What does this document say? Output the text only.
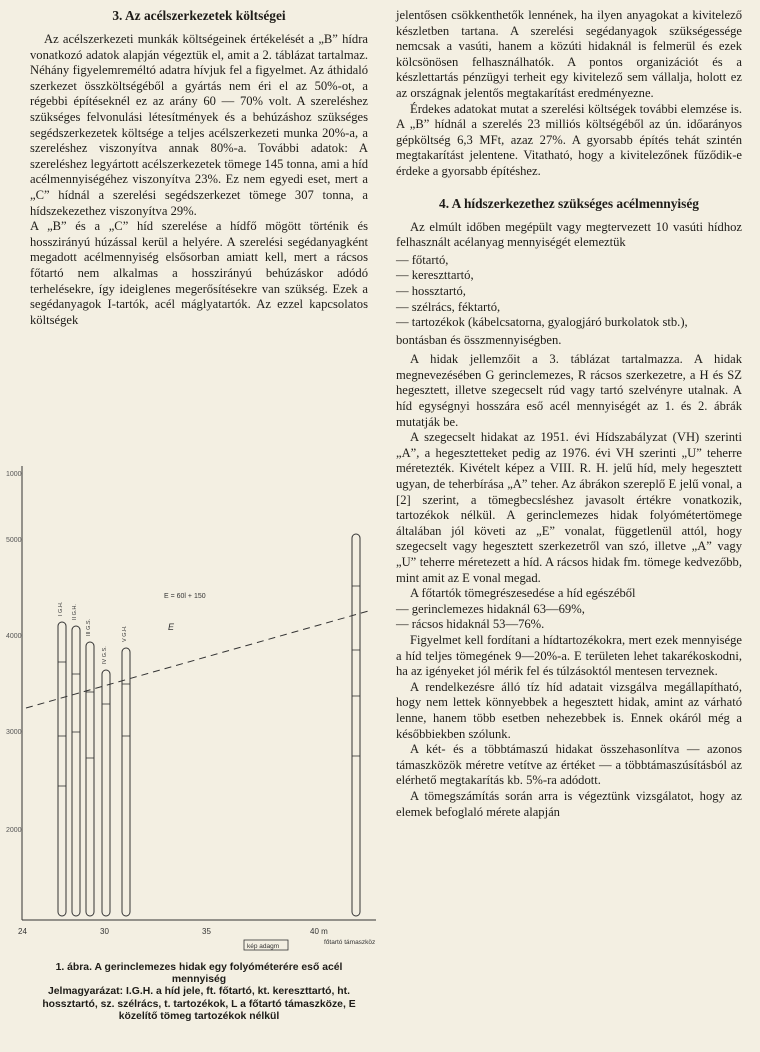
3. Az acélszerkezetek költségei

Az acélszerkezeti munkák költségeinek értékelését a „B” hídra vonatkozó adatok alapján végeztük el, amit a 2. táblázat tartalmaz. Néhány figyelemreméltó adatra hívjuk fel a figyelmet. Az áthidaló szerkezet összköltségéből a gyártás nem éri el az 50%-ot, a régebbi építéseknél ez az arány 60 — 70% volt. A szereléshez szükséges felvonulási létesítmények és a behúzáshoz szükséges segédszerkezetek költsége a teljes acélszerkezeti munka 20%-a, a szereléshez viszonyítva annak 80%-a. További adatok: A szereléshez legyártott acélszerkezetek tömege 145 tonna, ami a híd acélmennyiségéhez viszonyítva 23%. Ez nem egyedi eset, mert a „C” hídnál a szerelési segédszerkezet tömege 307 tonna, a hídszekezethez viszonyítva 29%.

A „B” és a „C” híd szerelése a hídfő mögött történik és hosszirányú húzással kerül a helyére. A szerelési segédanyagként megadott acélmennyiség elsősorban amiatt kell, mert a rácsos főtartó nem alkalmas a hosszirányú behúzáskor adódó terhelésekre, így ideiglenes megerősítésekre van szükség. Ezek a segédanyagok I-tartók, acél máglyatartók. Az ezzel kapcsolatos költségek

5000
4000
3000
2000
1000
24	30	35	40 m
főtartó támaszköz
kép adagm
E
E = 60l + 150
I G.H. II G.H.
III G.S.
IV G.S.
V G.H.
1. ábra. A gerinclemezes hidak egy folyóméterére eső acél mennyiség
Jelmagyarázat: I.G.H. a híd jele, ft. főtartó, kt. kereszttartó, ht. hossztartó, sz. szélrács, t. tartozékok, L a főtartó támaszköze, E közelítő tömeg tartozékok nélkül

jelentősen csökkenthetők lennének, ha ilyen anyagokat a kivitelező készletben tartana. A szerelési segédanyagok szükségessége nemcsak a vasúti, hanem a közúti hidaknál is felmerül és ezek kölcsönösen felhasználhatók. A pontos organizációt és a készlettartás pénzügyi terheit egy kivitelező sem vállalja, holott ez az országnak jelentős megtakarítást eredményezne.

Érdekes adatokat mutat a szerelési költségek további elemzése is. A „B” hídnál a szerelés 23 milliós költségéből az ún. időarányos gépköltség 6,3 MFt, azaz 27%. A gyorsabb építés tehát szintén megtakarítást jelentene. Vitatható, hogy a kivitelezőnek fűződik-e érdeke a gyorsabb építéshez.

4. A hídszerkezethez szükséges acélmennyiség

Az elmúlt időben megépült vagy megtervezett 10 vasúti hídhoz felhasznált acélanyag mennyiségét elemeztük

— főtartó,
— kereszttartó,
— hossztartó,
— szélrács, féktartó,
— tartozékok (kábelcsatorna, gyalogjáró burkolatok stb.),

bontásban és összmennyiségben.

A hidak jellemzőit a 3. táblázat tartalmazza. A hidak megnevezésében G gerinclemezes, R rácsos szerkezetre, a H és SZ hegesztett, illetve szegecselt rúd vagy tartó szelvényre utalnak. A híd egységnyi hosszára eső acél mennyiségét az 1. és 2. ábrák mutatják be.

A szegecselt hidakat az 1951. évi Hídszabályzat (VH) szerinti „A”, a hegesztetteket pedig az 1976. évi VH szerinti „U” teherre méretezték. Kivételt képez a VIII. R. H. jelű híd, mely hegesztett ugyan, de teherbírása „A” teher. Az ábrákon szereplő E jelű vonal, a [2] szerint, a tömegbecsléshez javasolt értékre vonatkozik, tartozékok nélkül. A gerinclemezes hidak folyómétertömege általában jól követi az „E” vonalat, függetlenül attól, hogy szegecselt vagy hegesztett szerkezetről van szó, illetve „A” vagy „U” teherre méretezett a híd. A rácsos hidak fm. tömege kedvezőbb, mint amit az E vonal megad.

A főtartók tömegrészesedése a híd egészéből

— gerinclemezes hidaknál 63—69%,
— rácsos hidaknál 53—76%.

Figyelmet kell fordítani a hídtartozékokra, mert ezek mennyisége a híd teljes tömegének 9—20%-a. E területen lehet takarékoskodni, ha az igényeket jól mérik fel és túlzásoktól mentesen terveznek.

A rendelkezésre álló tíz híd adatait vizsgálva megállapítható, hogy nem lettek könnyebbek a hegesztett hidak, amint az várható lenne, hanem több esetben nehezebbek is. Ennek okáról még a későbbiekben szólunk.

A két- és a többtámaszú hidakat összehasonlítva — azonos támaszközök méretre vetítve az értéket — a többtámaszúsításból az elérhető megtakarítás kb. 5%-ra adódott.

A tömegszámítás során arra is végeztünk vizsgálatot, hogy az elemek befoglaló mérete alapján
